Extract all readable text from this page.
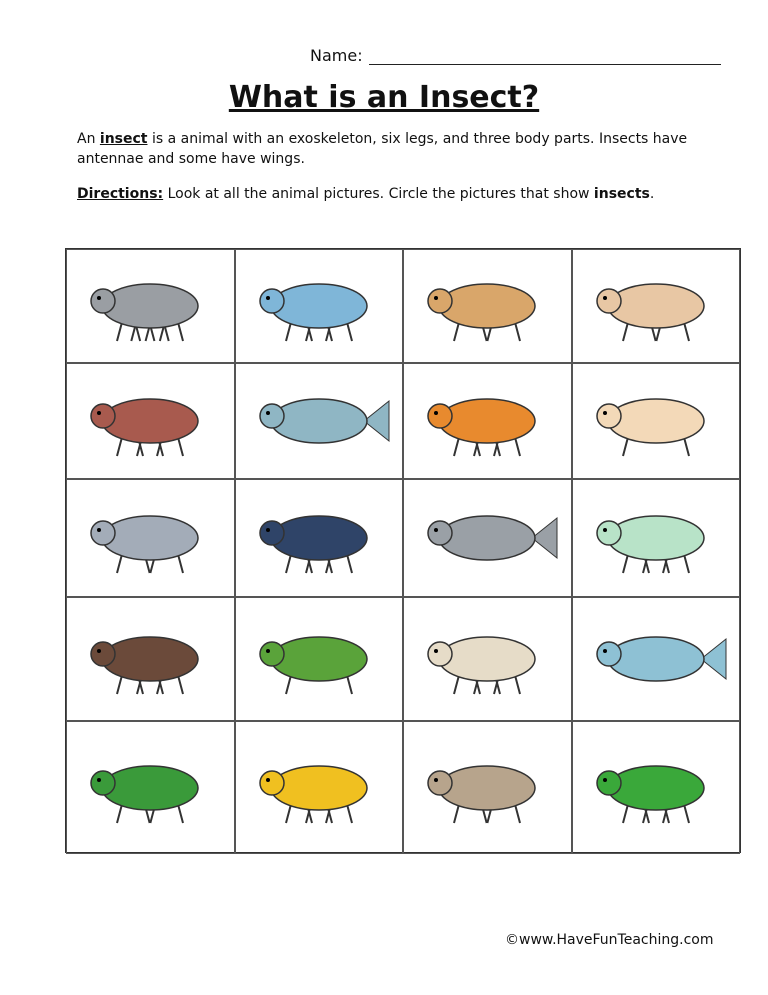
Name:
What is an Insect?
An insect is a animal with an exoskeleton, six legs, and three body parts. Insects have antennae and some have wings.
Directions: Look at all the animal pictures. Circle the pictures that show insects.
©www.HaveFunTeaching.com
